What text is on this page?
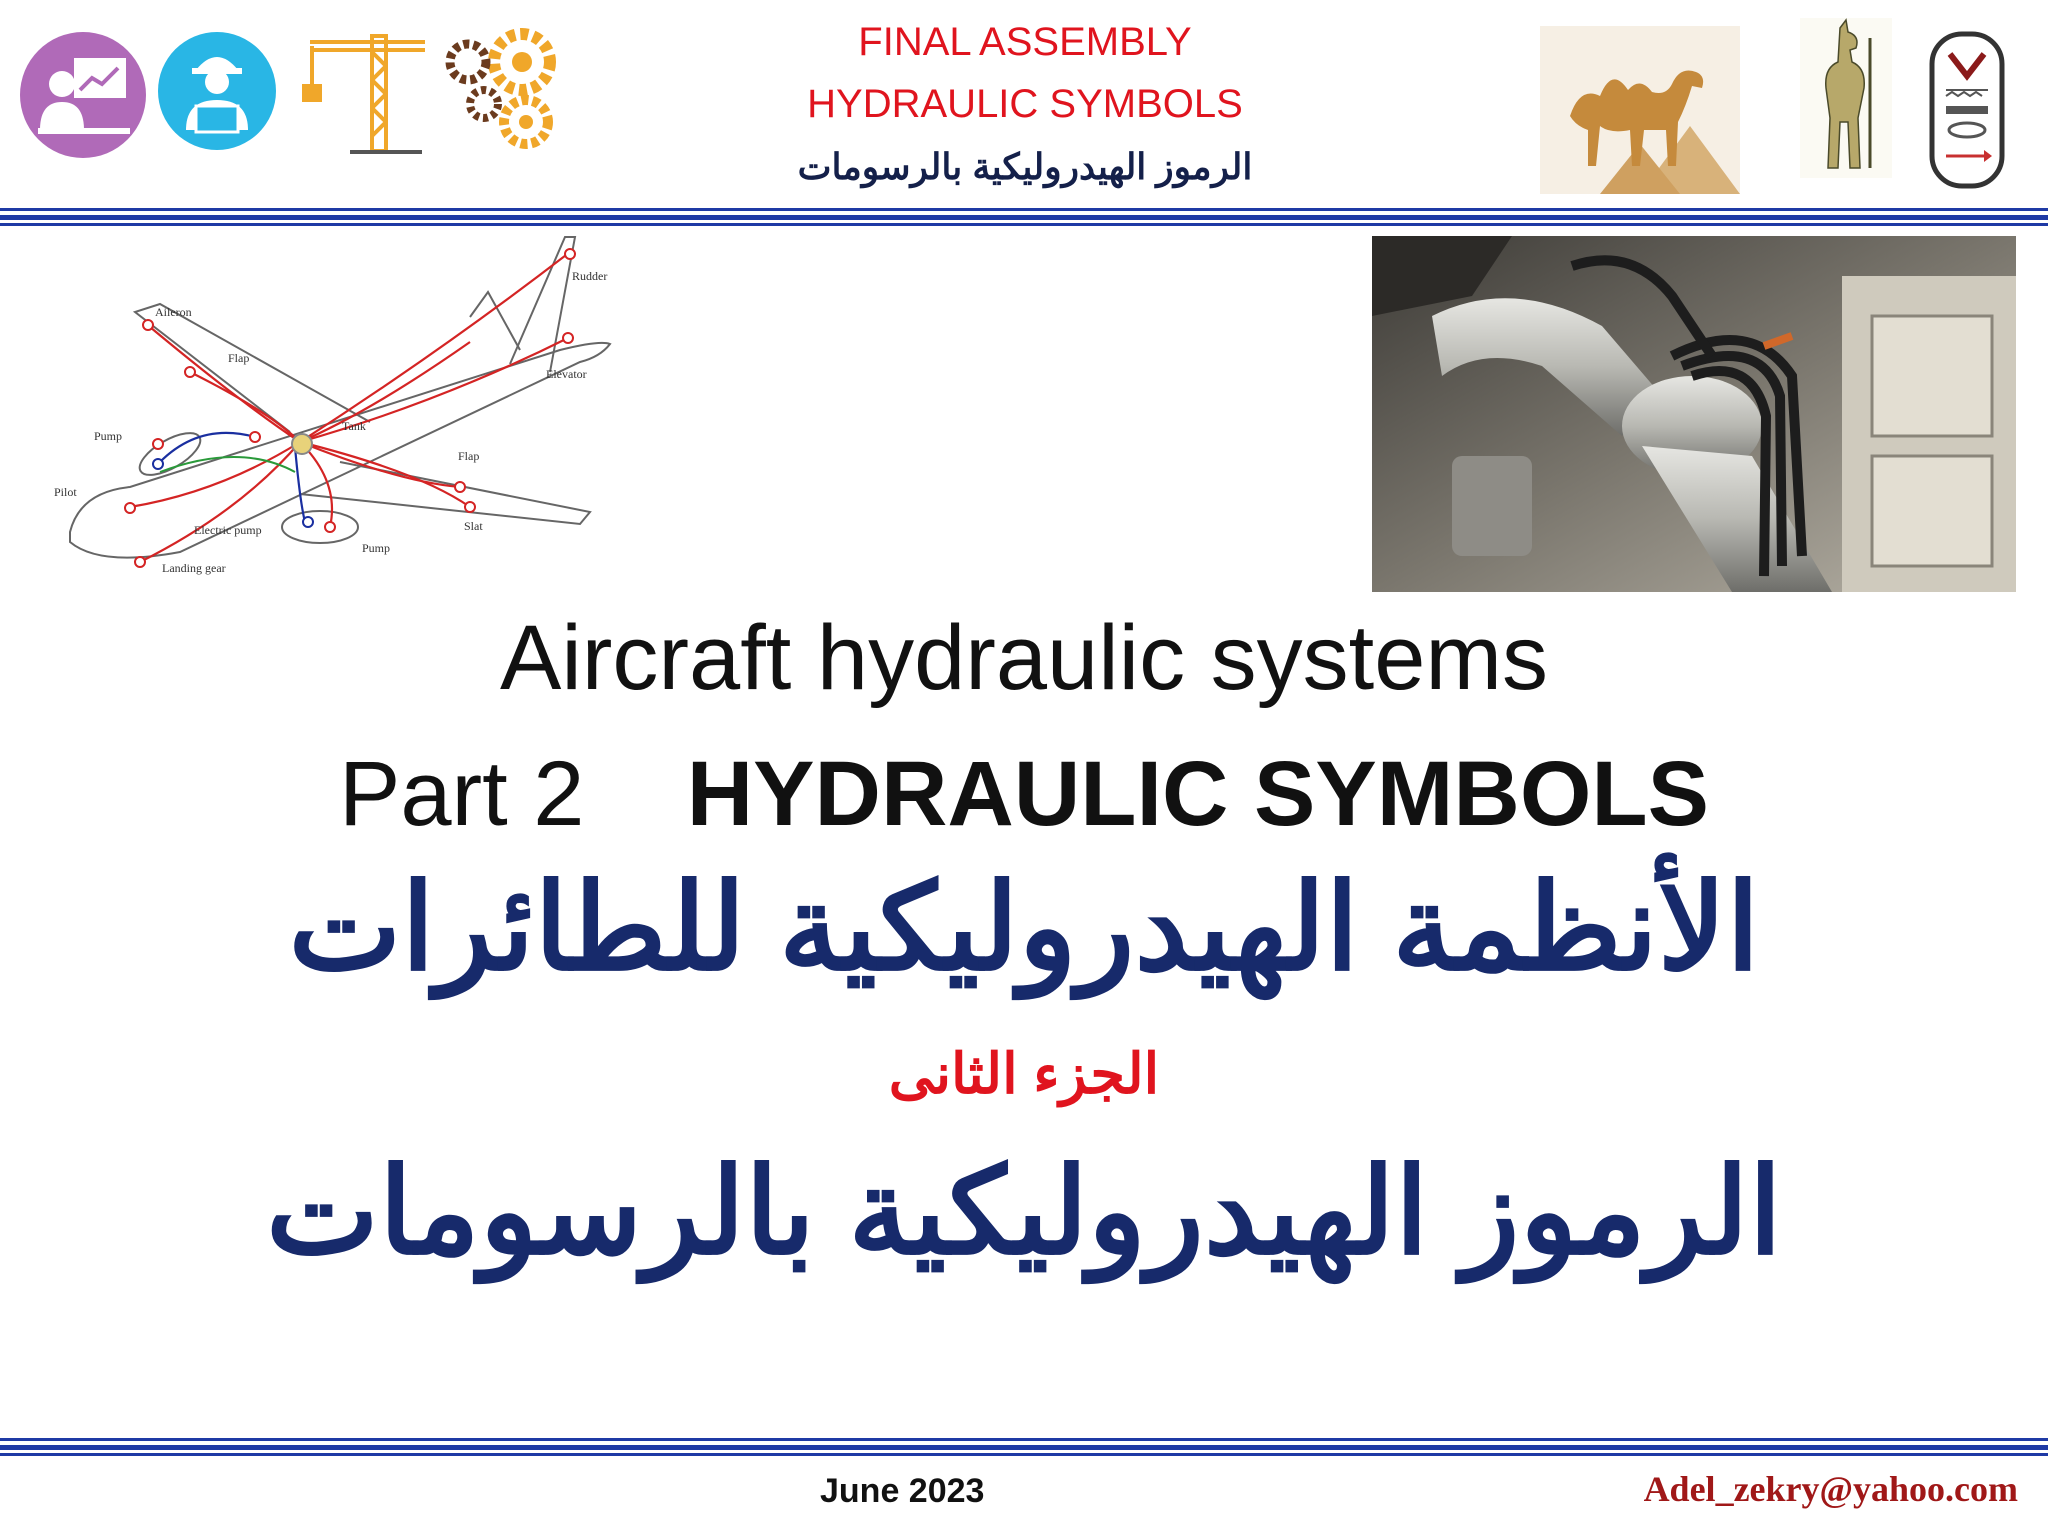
FINAL ASSEMBLY
HYDRAULIC SYMBOLS
الرموز الهيدروليكية بالرسومات
Aileron
Flap
Rudder
Elevator
Tank
Pump
Flap
Pilot
Electric pump	Slat
Pump
Landing gear
Aircraft hydraulic systems
Part 2 HYDRAULIC SYMBOLS
الأنظمة الهيدروليكية للطائرات
الجزء الثانى
الرموز الهيدروليكية بالرسومات
June 2023	Adel_zekry@yahoo.com
